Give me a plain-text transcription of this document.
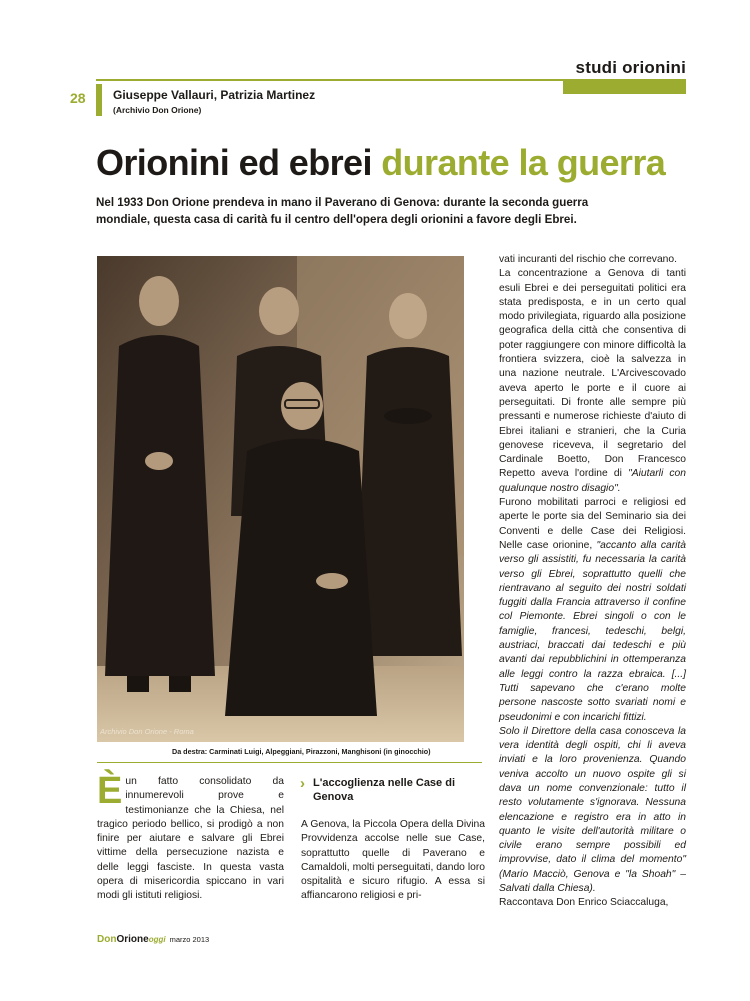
studi orionini
28 Giuseppe Vallauri, Patrizia Martinez
(Archivio Don Orione)
Orionini ed ebrei durante la guerra
Nel 1933 Don Orione prendeva in mano il Paverano di Genova: durante la seconda guerra mondiale, questa casa di carità fu il centro dell'opera degli orionini a favore degli Ebrei.
Archivio Don Orione - Roma
Da destra: Carminati Luigi, Alpeggiani, Pirazzoni, Manghisoni (in ginocchio)
È un fatto consolidato da innumerevoli prove e testimonianze che la Chiesa, nel tragico periodo bellico, si prodigò a non finire per aiutare e salvare gli Ebrei vittime della persecuzione nazista e delle leggi fasciste. In questa vasta opera di misericordia spiccano in vari modi gli istituti religiosi.
› L'accoglienza nelle Case di Genova
A Genova, la Piccola Opera della Divina Provvidenza accolse nelle sue Case, soprattutto quelle di Paverano e Camaldoli, molti perseguitati, dando loro ospitalità e sicuro rifugio. A essa si affiancarono religiosi e pri-

vati incuranti del rischio che correvano.

La concentrazione a Genova di tanti esuli Ebrei e dei perseguitati politici era stata predisposta, e in un certo qual modo privilegiata, riguardo alla posizione geografica della città che consentiva di poter raggiungere con minore difficoltà la frontiera svizzera, cioè la salvezza in una nazione neutrale. L'Arcivescovado aveva aperto le porte e il cuore ai perseguitati. Di fronte alle sempre più pressanti e numerose richieste d'aiuto di Ebrei italiani e stranieri, che la Curia genovese riceveva, il segretario del Cardinale Boetto, Don Francesco Repetto aveva l'ordine di "Aiutarli con qualunque nostro disagio".

Furono mobilitati parroci e religiosi ed aperte le porte sia del Seminario sia dei Conventi e delle Case dei Religiosi. Nelle case orionine, "accanto alla carità verso gli assistiti, fu necessaria la carità verso gli Ebrei, soprattutto quelli che rientravano al seguito dei nostri soldati fuggiti dalla Francia attraverso il confine col Piemonte. Ebrei singoli o con le famiglie, francesi, tedeschi, belgi, austriaci, braccati dai tedeschi e più avanti dai repubblichini in ottemperanza alle leggi contro la razza ebraica. [...] Tutti sapevano che c'erano molte persone nascoste sotto svariati nomi e pseudonimi e con incarichi fittizi.

Solo il Direttore della casa conosceva la vera identità degli ospiti, chi li aveva inviati e la loro provenienza. Quando veniva accolto un nuovo ospite gli si dava un nome convenzionale: tutto il resto volutamente s'ignorava. Nessuna elencazione e registro era in atto in quanto le visite dell'autorità militare o civile erano sempre possibili ed improvvise, dato il clima del momento" (Mario Macciò, Genova e "la Shoah" – Salvati dalla Chiesa).

Raccontava Don Enrico Sciaccaluga,

DonOrioneoggi marzo 2013
